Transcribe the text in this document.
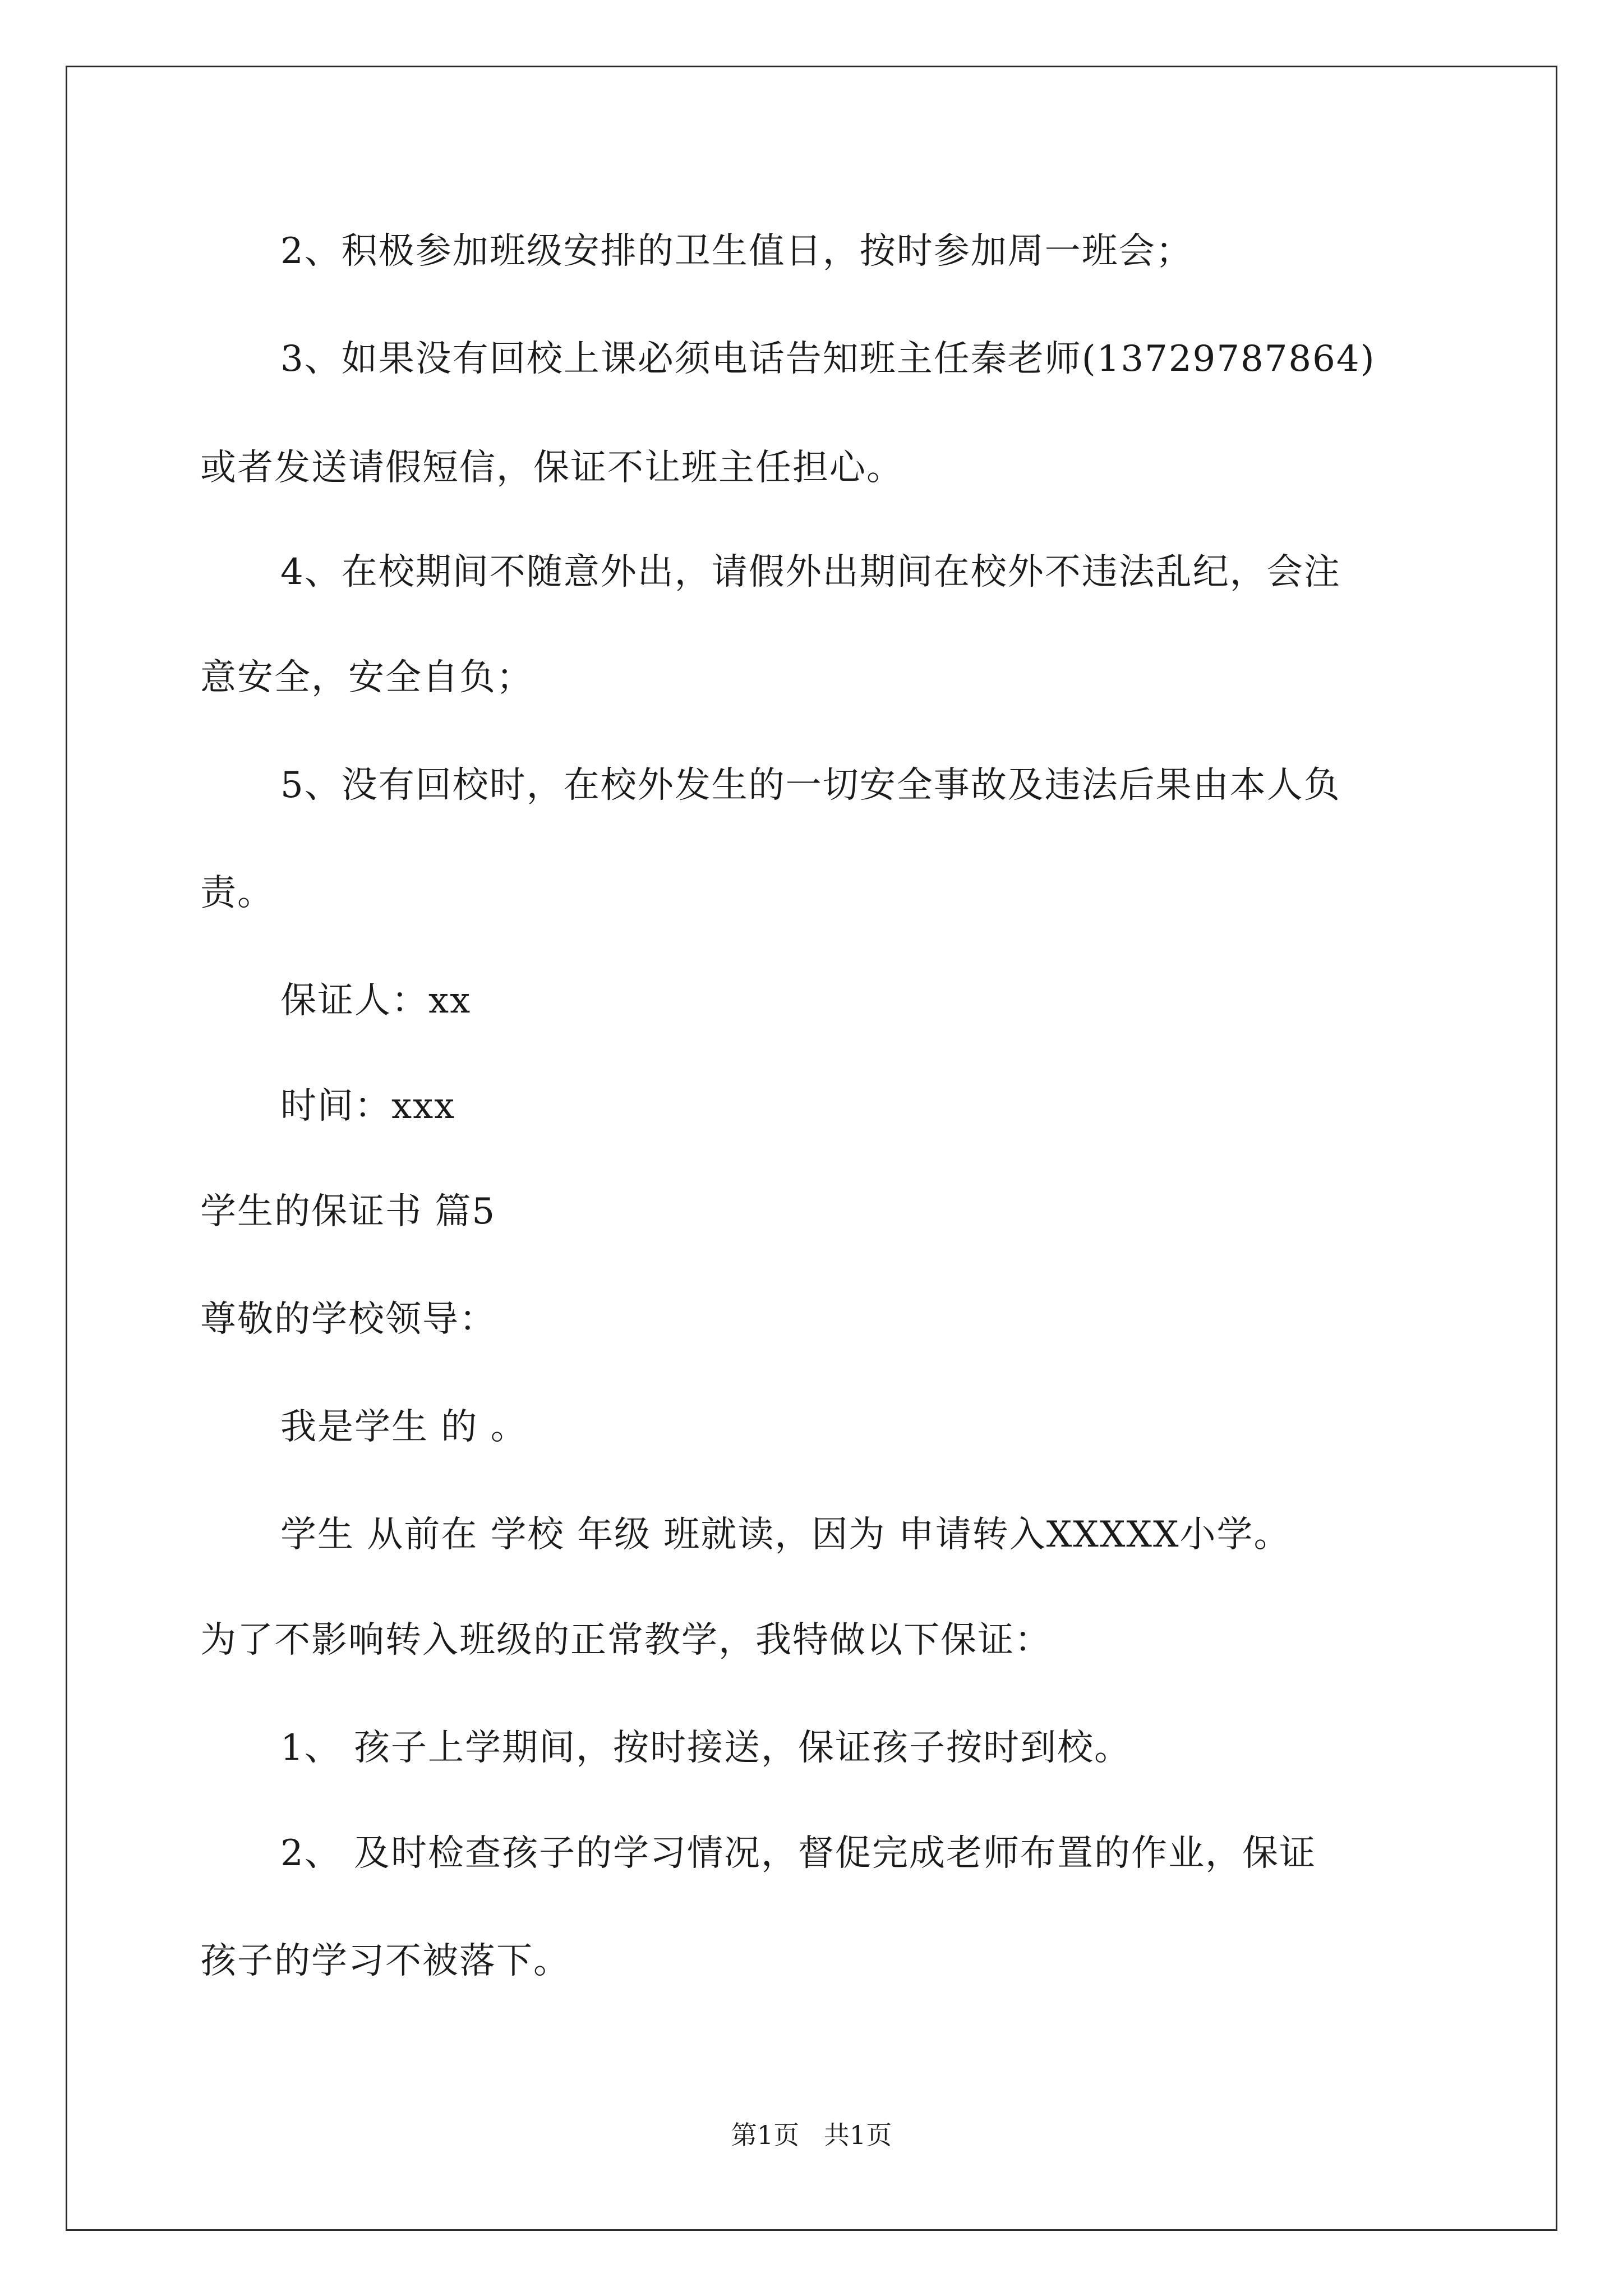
2、积极参加班级安排的卫生值日，按时参加周一班会；
3、如果没有回校上课必须电话告知班主任秦老师(13729787864)
或者发送请假短信，保证不让班主任担心。
4、在校期间不随意外出，请假外出期间在校外不违法乱纪，会注
意安全，安全自负；
5、没有回校时，在校外发生的一切安全事故及违法后果由本人负
责。
保证人：xx
时间：xxx
学生的保证书 篇5
尊敬的学校领导：
我是学生 的 。
学生 从前在 学校 年级 班就读，因为 申请转入XXXXX小学。
为了不影响转入班级的正常教学，我特做以下保证：
1、 孩子上学期间，按时接送，保证孩子按时到校。
2、 及时检查孩子的学习情况，督促完成老师布置的作业，保证
孩子的学习不被落下。
第1页   共1页
